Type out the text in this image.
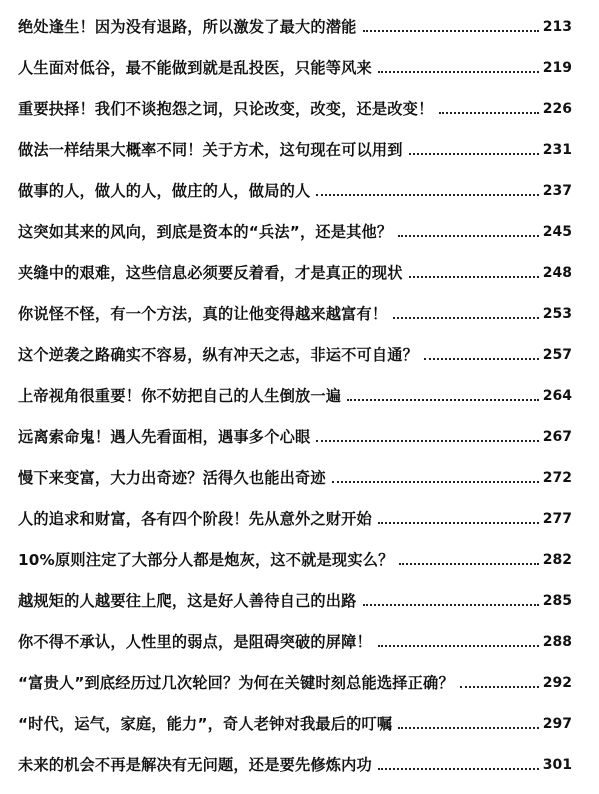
绝处逢生！因为没有退路，所以激发了最大的潜能	213
人生面对低谷，最不能做到就是乱投医，只能等风来	219
重要抉择！我们不谈抱怨之词，只论改变，改变，还是改变！	226
做法一样结果大概率不同！关于方术，这句现在可以用到	231
做事的人，做人的人，做庄的人，做局的人	237
这突如其来的风向，到底是资本的“兵法”，还是其他？	245
夹缝中的艰难，这些信息必须要反着看，才是真正的现状	248
你说怪不怪，有一个方法，真的让他变得越来越富有！	253
这个逆袭之路确实不容易，纵有冲天之志，非运不可自通？	257
上帝视角很重要！你不妨把自己的人生倒放一遍	264
远离索命鬼！遇人先看面相，遇事多个心眼	267
慢下来变富，大力出奇迹？活得久也能出奇迹	272
人的追求和财富，各有四个阶段！先从意外之财开始	277
10%原则注定了大部分人都是炮灰，这不就是现实么？	282
越规矩的人越要往上爬，这是好人善待自己的出路	285
你不得不承认，人性里的弱点，是阻碍突破的屏障！	288
“富贵人”到底经历过几次轮回？为何在关键时刻总能选择正确？	292
“时代，运气，家庭，能力”，奇人老钟对我最后的叮嘱	297
未来的机会不再是解决有无问题，还是要先修炼内功	301
